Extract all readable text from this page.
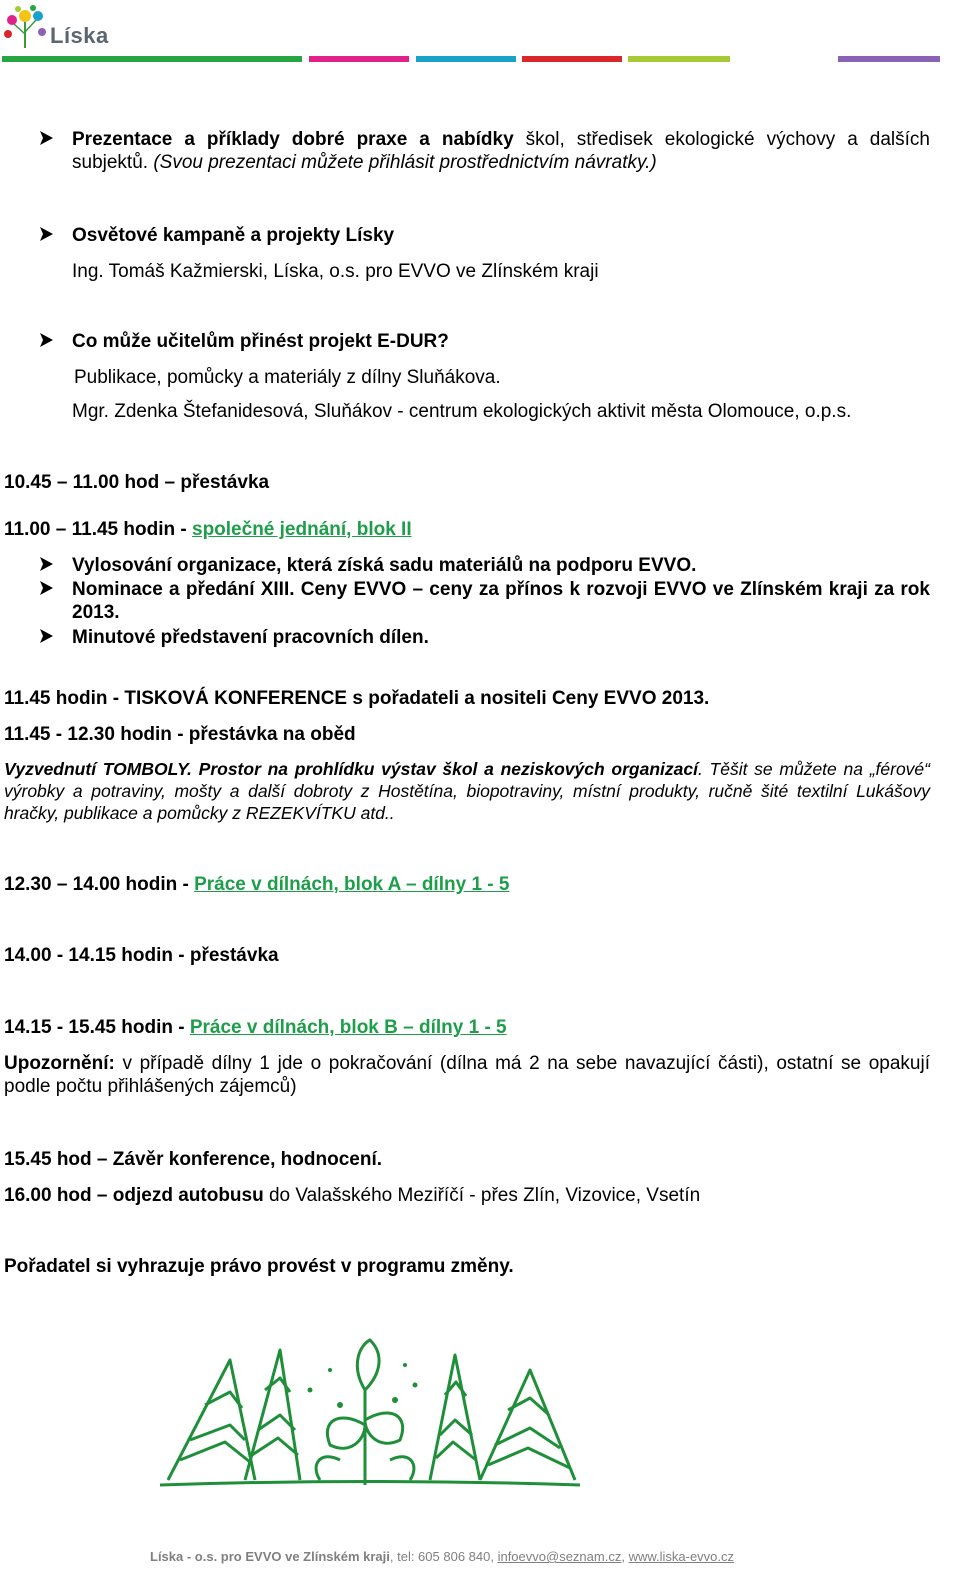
Líska
Prezentace a příklady dobré praxe a nabídky škol, středisek ekologické výchovy a dalších subjektů. (Svou prezentaci můžete přihlásit prostřednictvím návratky.)
Osvětové kampaně a projekty Lísky
Ing. Tomáš Kažmierski, Líska, o.s. pro EVVO ve Zlínském kraji
Co může učitelům přinést projekt E-DUR?
Publikace, pomůcky a materiály z dílny Sluňákova.
Mgr. Zdenka Štefanidesová, Sluňákov - centrum ekologických aktivit města Olomouce, o.p.s.
10.45 – 11.00 hod – přestávka
11.00 – 11.45 hodin - společné jednání, blok II
Vylosování organizace, která získá sadu materiálů na podporu EVVO.
Nominace a předání XIII. Ceny EVVO – ceny za přínos k rozvoji EVVO ve Zlínském kraji za rok 2013.
Minutové představení pracovních dílen.
11.45 hodin - TISKOVÁ KONFERENCE s pořadateli a nositeli Ceny EVVO 2013.
11.45 - 12.30 hodin - přestávka na oběd
Vyzvednutí TOMBOLY. Prostor na prohlídku výstav škol a neziskových organizací. Těšit se můžete na „férové“ výrobky a potraviny, mošty a další dobroty z Hostětína, biopotraviny, místní produkty, ručně šité textilní Lukášovy hračky, publikace a pomůcky z REZEKVÍTKU atd..
12.30 – 14.00 hodin - Práce v dílnách, blok A – dílny 1 - 5
14.00 - 14.15 hodin - přestávka
14.15 - 15.45 hodin - Práce v dílnách, blok B – dílny 1 - 5
Upozornění: v případě dílny 1 jde o pokračování (dílna má 2 na sebe navazující části), ostatní se opakují podle počtu přihlášených zájemců)
15.45 hod – Závěr konference, hodnocení.
16.00 hod – odjezd autobusu do Valašského Meziříčí - přes Zlín, Vizovice, Vsetín
Pořadatel si vyhrazuje právo provést v programu změny.
Líska - o.s. pro EVVO ve Zlínském kraji, tel: 605 806 840, infoevvo@seznam.cz, www.liska-evvo.cz
